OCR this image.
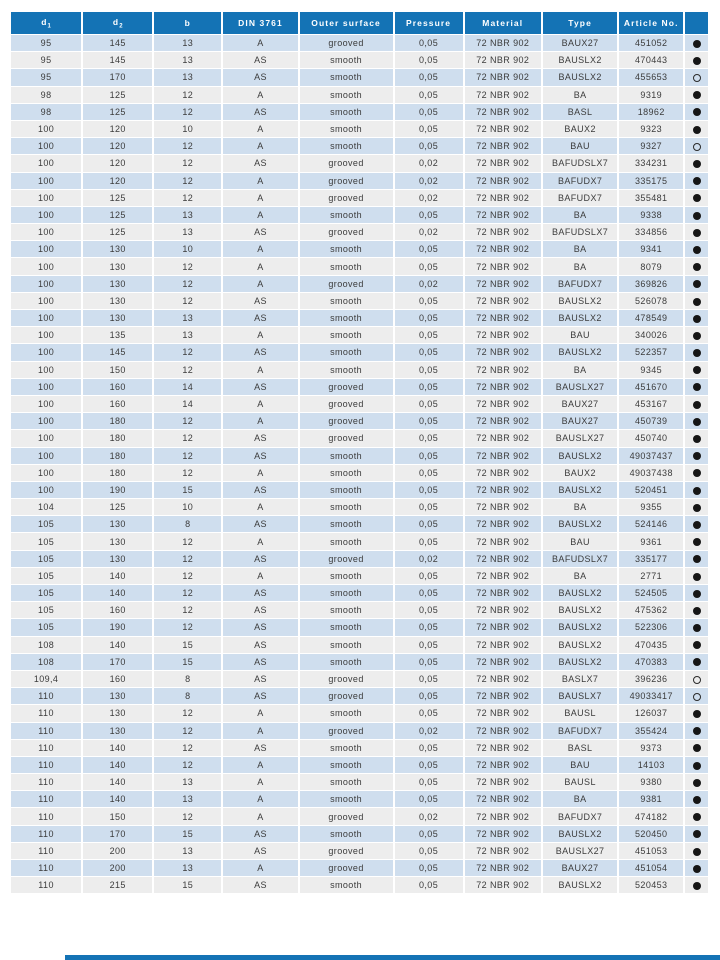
$d_1$	$d_2$	b	DIN 3761	Outer surface	Pressure	Material	Type	Article No.	
95	145	13	A	grooved	0,05	72 NBR 902	BAUX27	451052	
95	145	13	AS	smooth	0,05	72 NBR 902	BAUSLX2	470443	
95	170	13	AS	smooth	0,05	72 NBR 902	BAUSLX2	455653	
98	125	12	A	smooth	0,05	72 NBR 902	BA	9319	
98	125	12	AS	smooth	0,05	72 NBR 902	BASL	18962	
100	120	10	A	smooth	0,05	72 NBR 902	BAUX2	9323	
100	120	12	A	smooth	0,05	72 NBR 902	BAU	9327	
100	120	12	AS	grooved	0,02	72 NBR 902	BAFUDSLX7	334231	
100	120	12	A	grooved	0,02	72 NBR 902	BAFUDX7	335175	
100	125	12	A	grooved	0,02	72 NBR 902	BAFUDX7	355481	
100	125	13	A	smooth	0,05	72 NBR 902	BA	9338	
100	125	13	AS	grooved	0,02	72 NBR 902	BAFUDSLX7	334856	
100	130	10	A	smooth	0,05	72 NBR 902	BA	9341	
100	130	12	A	smooth	0,05	72 NBR 902	BA	8079	
100	130	12	A	grooved	0,02	72 NBR 902	BAFUDX7	369826	
100	130	12	AS	smooth	0,05	72 NBR 902	BAUSLX2	526078	
100	130	13	AS	smooth	0,05	72 NBR 902	BAUSLX2	478549	
100	135	13	A	smooth	0,05	72 NBR 902	BAU	340026	
100	145	12	AS	smooth	0,05	72 NBR 902	BAUSLX2	522357	
100	150	12	A	smooth	0,05	72 NBR 902	BA	9345	
100	160	14	AS	grooved	0,05	72 NBR 902	BAUSLX27	451670	
100	160	14	A	grooved	0,05	72 NBR 902	BAUX27	453167	
100	180	12	A	grooved	0,05	72 NBR 902	BAUX27	450739	
100	180	12	AS	grooved	0,05	72 NBR 902	BAUSLX27	450740	
100	180	12	AS	smooth	0,05	72 NBR 902	BAUSLX2	49037437	
100	180	12	A	smooth	0,05	72 NBR 902	BAUX2	49037438	
100	190	15	AS	smooth	0,05	72 NBR 902	BAUSLX2	520451	
104	125	10	A	smooth	0,05	72 NBR 902	BA	9355	
105	130	8	AS	smooth	0,05	72 NBR 902	BAUSLX2	524146	
105	130	12	A	smooth	0,05	72 NBR 902	BAU	9361	
105	130	12	AS	grooved	0,02	72 NBR 902	BAFUDSLX7	335177	
105	140	12	A	smooth	0,05	72 NBR 902	BA	2771	
105	140	12	AS	smooth	0,05	72 NBR 902	BAUSLX2	524505	
105	160	12	AS	smooth	0,05	72 NBR 902	BAUSLX2	475362	
105	190	12	AS	smooth	0,05	72 NBR 902	BAUSLX2	522306	
108	140	15	AS	smooth	0,05	72 NBR 902	BAUSLX2	470435	
108	170	15	AS	smooth	0,05	72 NBR 902	BAUSLX2	470383	
109,4	160	8	AS	grooved	0,05	72 NBR 902	BASLX7	396236	
110	130	8	AS	grooved	0,05	72 NBR 902	BAUSLX7	49033417	
110	130	12	A	smooth	0,05	72 NBR 902	BAUSL	126037	
110	130	12	A	grooved	0,02	72 NBR 902	BAFUDX7	355424	
110	140	12	AS	smooth	0,05	72 NBR 902	BASL	9373	
110	140	12	A	smooth	0,05	72 NBR 902	BAU	14103	
110	140	13	A	smooth	0,05	72 NBR 902	BAUSL	9380	
110	140	13	A	smooth	0,05	72 NBR 902	BA	9381	
110	150	12	A	grooved	0,02	72 NBR 902	BAFUDX7	474182	
110	170	15	AS	smooth	0,05	72 NBR 902	BAUSLX2	520450	
110	200	13	AS	grooved	0,05	72 NBR 902	BAUSLX27	451053	
110	200	13	A	grooved	0,05	72 NBR 902	BAUX27	451054	
110	215	15	AS	smooth	0,05	72 NBR 902	BAUSLX2	520453	
